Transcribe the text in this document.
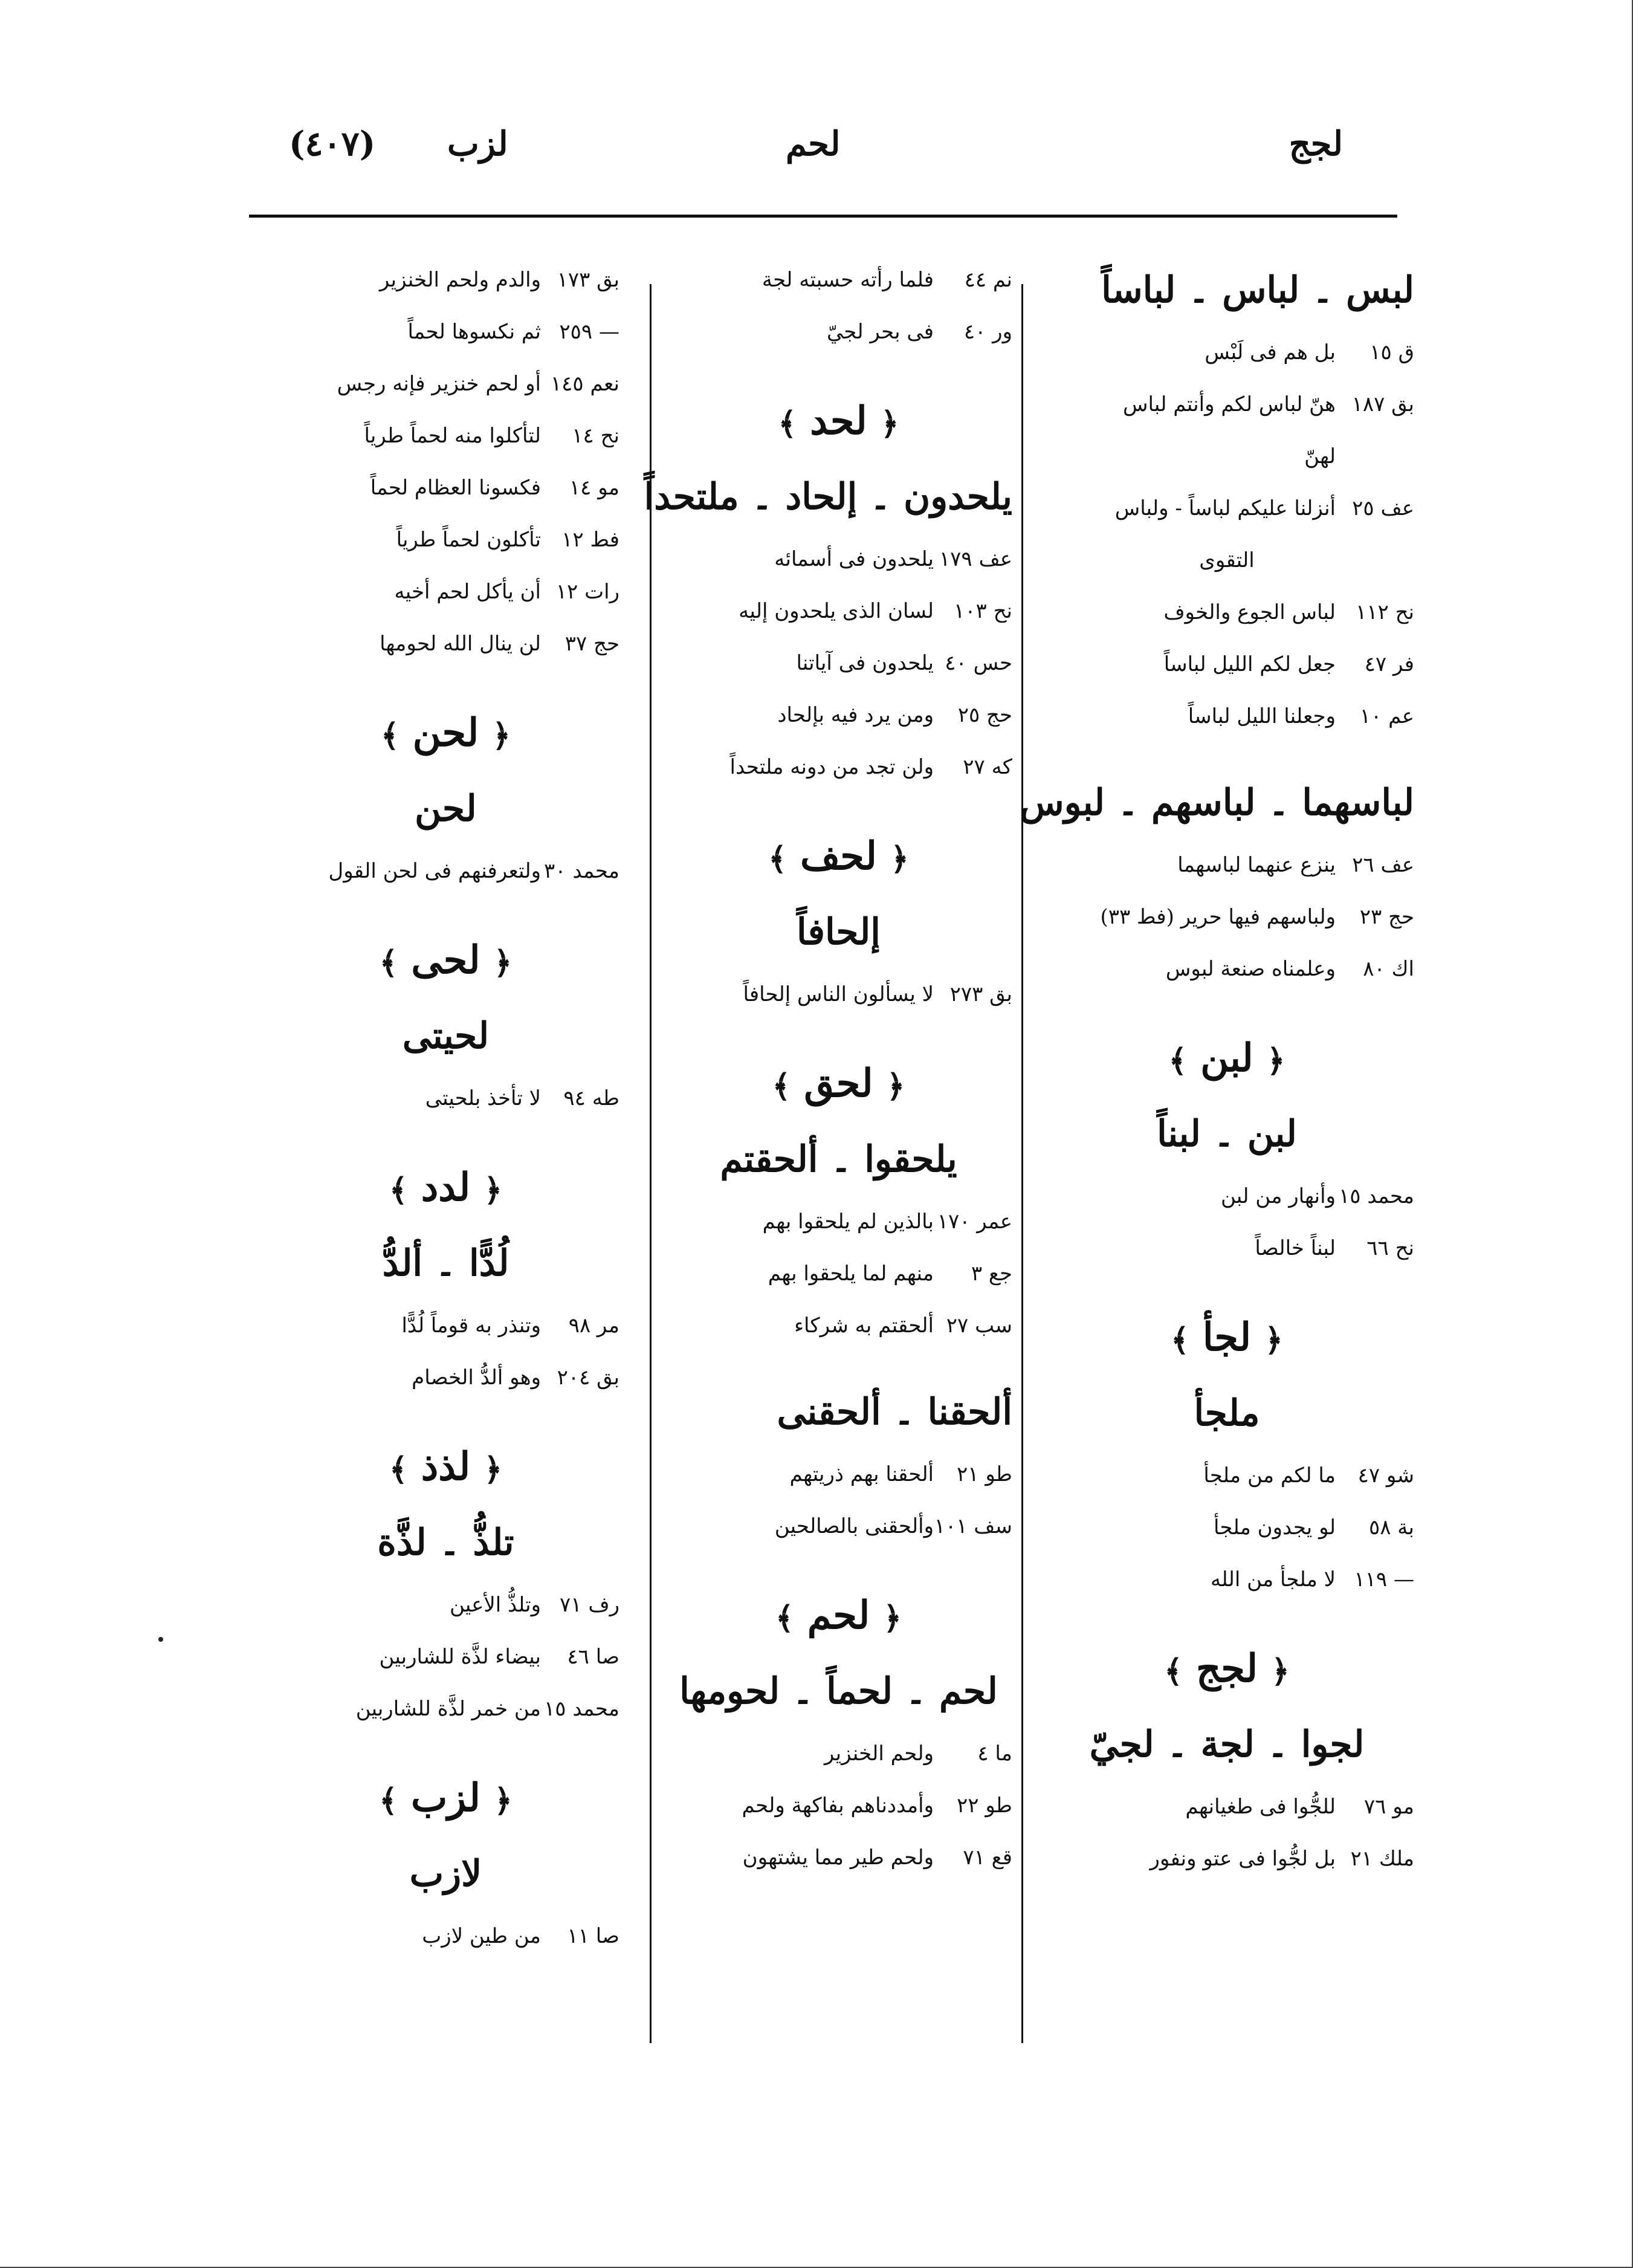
لجج
لحم
لزب
(٤٠٧)
لبس ۔ لباس ۔ لباساً
ق ١٥
بل هم فى لَبْس
بق ١٨٧
هنّ لباس لكم وأنتم لباس
لهنّ
عف ٢٥
أنزلنا عليكم لباساً - ولباس
التقوى
نح ١١٢
لباس الجوع والخوف
فر ٤٧
جعل لكم الليل لباساً
عم ١٠
وجعلنا الليل لباساً
لباسهما ۔ لباسهم ۔ لبوس
عف ٢٦
ينزع عنهما لباسهما
حج ٢٣
ولباسهم فيها حرير (فط ٣٣)
اك ٨٠
وعلمناه صنعة لبوس
﴿ لبن ﴾
لبن ۔ لبناً
محمد ١٥
وأنهار من لبن
نح ٦٦
لبناً خالصاً
﴿ لجأ ﴾
ملجأ
شو ٤٧
ما لكم من ملجأ
بة ٥٨
لو يجدون ملجأ
— ١١٩
لا ملجأ من الله
﴿ لجج ﴾
لجوا ۔ لجة ۔ لجيّ
مو ٧٦
للجُّوا فى طغيانهم
ملك ٢١
بل لجُّوا فى عتو ونفور
نم ٤٤
فلما رأته حسبته لجة
ور ٤٠
فى بحر لجيّ
﴿ لحد ﴾
يلحدون ۔ إلحاد ۔ ملتحداً
عف ١٧٩
يلحدون فى أسمائه
نح ١٠٣
لسان الذى يلحدون إليه
حس ٤٠
يلحدون فى آياتنا
حج ٢٥
ومن يرد فيه بإلحاد
كه ٢٧
ولن تجد من دونه ملتحداً
﴿ لحف ﴾
إلحافاً
بق ٢٧٣
لا يسألون الناس إلحافاً
﴿ لحق ﴾
يلحقوا ۔ ألحقتم
عمر ١٧٠
بالذين لم يلحقوا بهم
جع ٣
منهم لما يلحقوا بهم
سب ٢٧
ألحقتم به شركاء
ألحقنا ۔ ألحقنى
طو ٢١
ألحقنا بهم ذريتهم
سف ١٠١
وألحقنى بالصالحين
﴿ لحم ﴾
لحم ۔ لحماً ۔ لحومها
ما ٤
ولحم الخنزير
طو ٢٢
وأمددناهم بفاكهة ولحم
قع ٧١
ولحم طير مما يشتهون
بق ١٧٣
والدم ولحم الخنزير
— ٢٥٩
ثم نكسوها لحماً
نعم ١٤٥
أو لحم خنزير فإنه رجس
نح ١٤
لتأكلوا منه لحماً طرياً
مو ١٤
فكسونا العظام لحماً
فط ١٢
تأكلون لحماً طرياً
رات ١٢
أن يأكل لحم أخيه
حج ٣٧
لن ينال الله لحومها
﴿ لحن ﴾
لحن
محمد ٣٠
ولتعرفنهم فى لحن القول
﴿ لحى ﴾
لحيتى
طه ٩٤
لا تأخذ بلحيتى
﴿ لدد ﴾
لُدًّا ۔ ألدُّ
مر ٩٨
وتنذر به قوماً لُدًّا
بق ٢٠٤
وهو ألدُّ الخصام
﴿ لذذ ﴾
تلذُّ ۔ لذَّة
رف ٧١
وتلذُّ الأعين
صا ٤٦
بيضاء لذَّة للشاربين
محمد ١٥
من خمر لذَّة للشاربين
﴿ لزب ﴾
لازب
صا ١١
من طين لازب
